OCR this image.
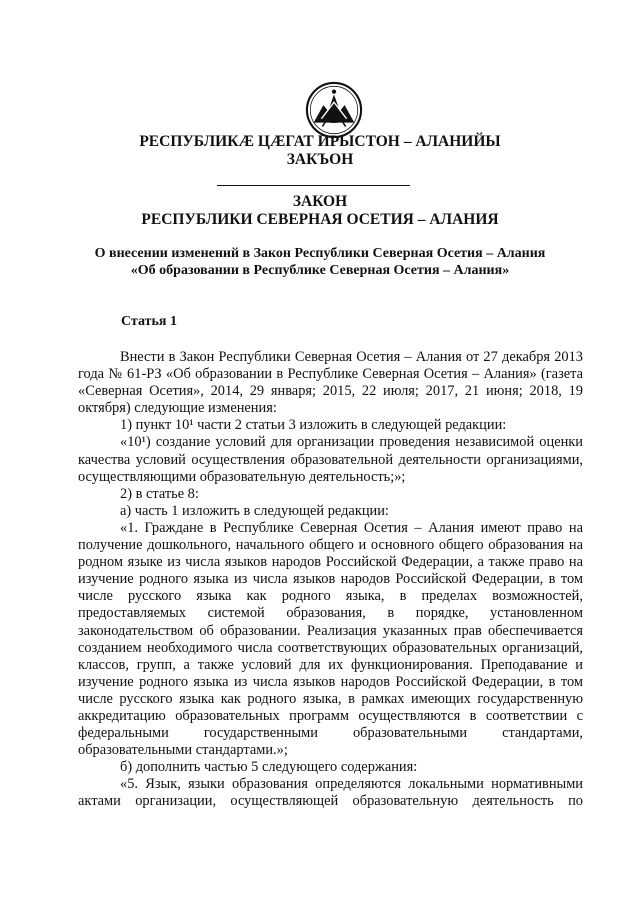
РЕСПУБЛИКӔ ЦӔГАТ ИРЫСТОН – АЛАНИЙЫ
ЗАКЪОН
ЗАКОН
РЕСПУБЛИКИ СЕВЕРНАЯ ОСЕТИЯ – АЛАНИЯ
О внесении изменений в Закон Республики Северная Осетия – Алания
«Об образовании в Республике Северная Осетия – Алания»
Статья 1

Внести в Закон Республики Северная Осетия – Алания от 27 декабря 2013 года № 61-РЗ «Об образовании в Республике Северная Осетия – Алания» (газета «Северная Осетия», 2014, 29 января; 2015, 22 июля; 2017, 21 июня; 2018, 19 октября) следующие изменения:

1) пункт 10¹ части 2 статьи 3 изложить в следующей редакции:

«10¹) создание условий для организации проведения независимой оценки качества условий осуществления образовательной деятельности организациями, осуществляющими образовательную деятельность;»;

2) в статье 8:

а) часть 1 изложить в следующей редакции:

«1. Граждане в Республике Северная Осетия – Алания имеют право на получение дошкольного, начального общего и основного общего образования на родном языке из числа языков народов Российской Федерации, а также право на изучение родного языка из числа языков народов Российской Федерации, в том числе русского языка как родного языка, в пределах возможностей, предоставляемых системой образования, в порядке, установленном законодательством об образовании. Реализация указанных прав обеспечивается созданием необходимого числа соответствующих образовательных организаций, классов, групп, а также условий для их функционирования. Преподавание и изучение родного языка из числа языков народов Российской Федерации, в том числе русского языка как родного языка, в рамках имеющих государственную аккредитацию образовательных программ осуществляются в соответствии с федеральными государственными образовательными стандартами, образовательными стандартами.»;

б) дополнить частью 5 следующего содержания:

«5. Язык, языки образования определяются локальными нормативными актами организации, осуществляющей образовательную деятельность по
